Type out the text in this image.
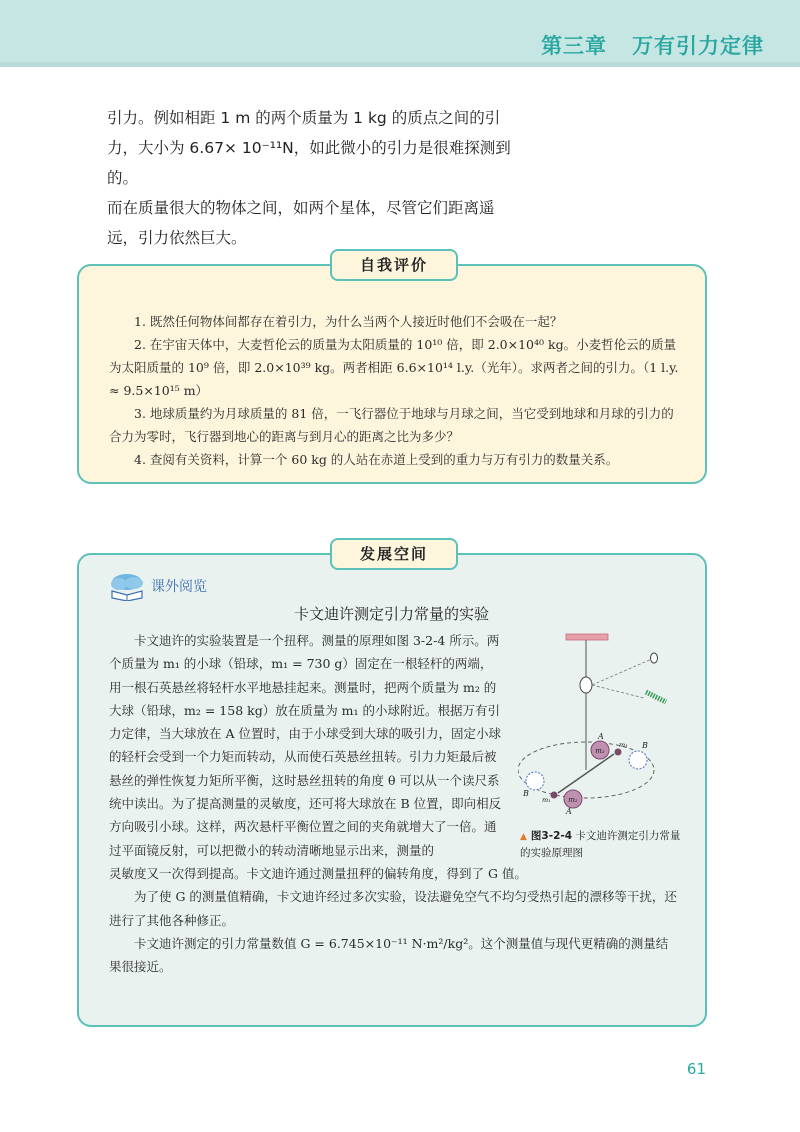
第三章 万有引力定律

引力。例如相距 1 m 的两个质量为 1 kg 的质点之间的引

力，大小为 6.67× 10⁻¹¹N，如此微小的引力是很难探测到的。

而在质量很大的物体之间，如两个星体，尽管它们距离遥

远，引力依然巨大。

1. 既然任何物体间都存在着引力，为什么当两个人接近时他们不会吸在一起？

2. 在宇宙天体中，大麦哲伦云的质量为太阳质量的 10¹⁰ 倍，即 2.0×10⁴⁰ kg。小麦哲伦云的质量为太阳质量的 10⁹ 倍，即 2.0×10³⁹ kg。两者相距 6.6×10¹⁴ l.y.（光年）。求两者之间的引力。（1 l.y. ≈ 9.5×10¹⁵ m）

3. 地球质量约为月球质量的 81 倍，一飞行器位于地球与月球之间，当它受到地球和月球的引力的合力为零时，飞行器到地心的距离与到月心的距离之比为多少？

4. 查阅有关资料，计算一个 60 kg 的人站在赤道上受到的重力与万有引力的数量关系。

自我评价
课外阅览
卡文迪许测定引力常量的实验

卡文迪许的实验装置是一个扭秤。测量的原理如图 3-2-4 所示。两个质量为 m₁ 的小球（铅球，m₁ = 730 g）固定在一根轻杆的两端，用一根石英悬丝将轻杆水平地悬挂起来。测量时，把两个质量为 m₂ 的大球（铅球，m₂ = 158 kg）放在质量为 m₁ 的小球附近。根据万有引力定律，当大球放在 A 位置时，由于小球受到大球的吸引力，固定小球的轻杆会受到一个力矩而转动，从而使石英悬丝扭转。引力力矩最后被悬丝的弹性恢复力矩所平衡，这时悬丝扭转的角度 θ 可以从一个读尺系统中读出。为了提高测量的灵敏度，还可将大球放在 B 位置，即向相反方向吸引小球。这样，两次悬杆平衡位置之间的夹角就增大了一倍。通过平面镜反射，可以把微小的转动清晰地显示出来，测量的

灵敏度又一次得到提高。卡文迪许通过测量扭秤的偏转角度，得到了 G 值。

为了使 G 的测量值精确，卡文迪许经过多次实验，设法避免空气不均匀受热引起的漂移等干扰，还进行了其他各种修正。

卡文迪许测定的引力常量数值 G = 6.745×10⁻¹¹ N·m²/kg²。这个测量值与现代更精确的测量结果很接近。

发展空间
m₂
m₂
m₁
m₁
A
A
B
B
▲ 图3-2-4 卡文迪许测定引力常量的实验原理图
61
